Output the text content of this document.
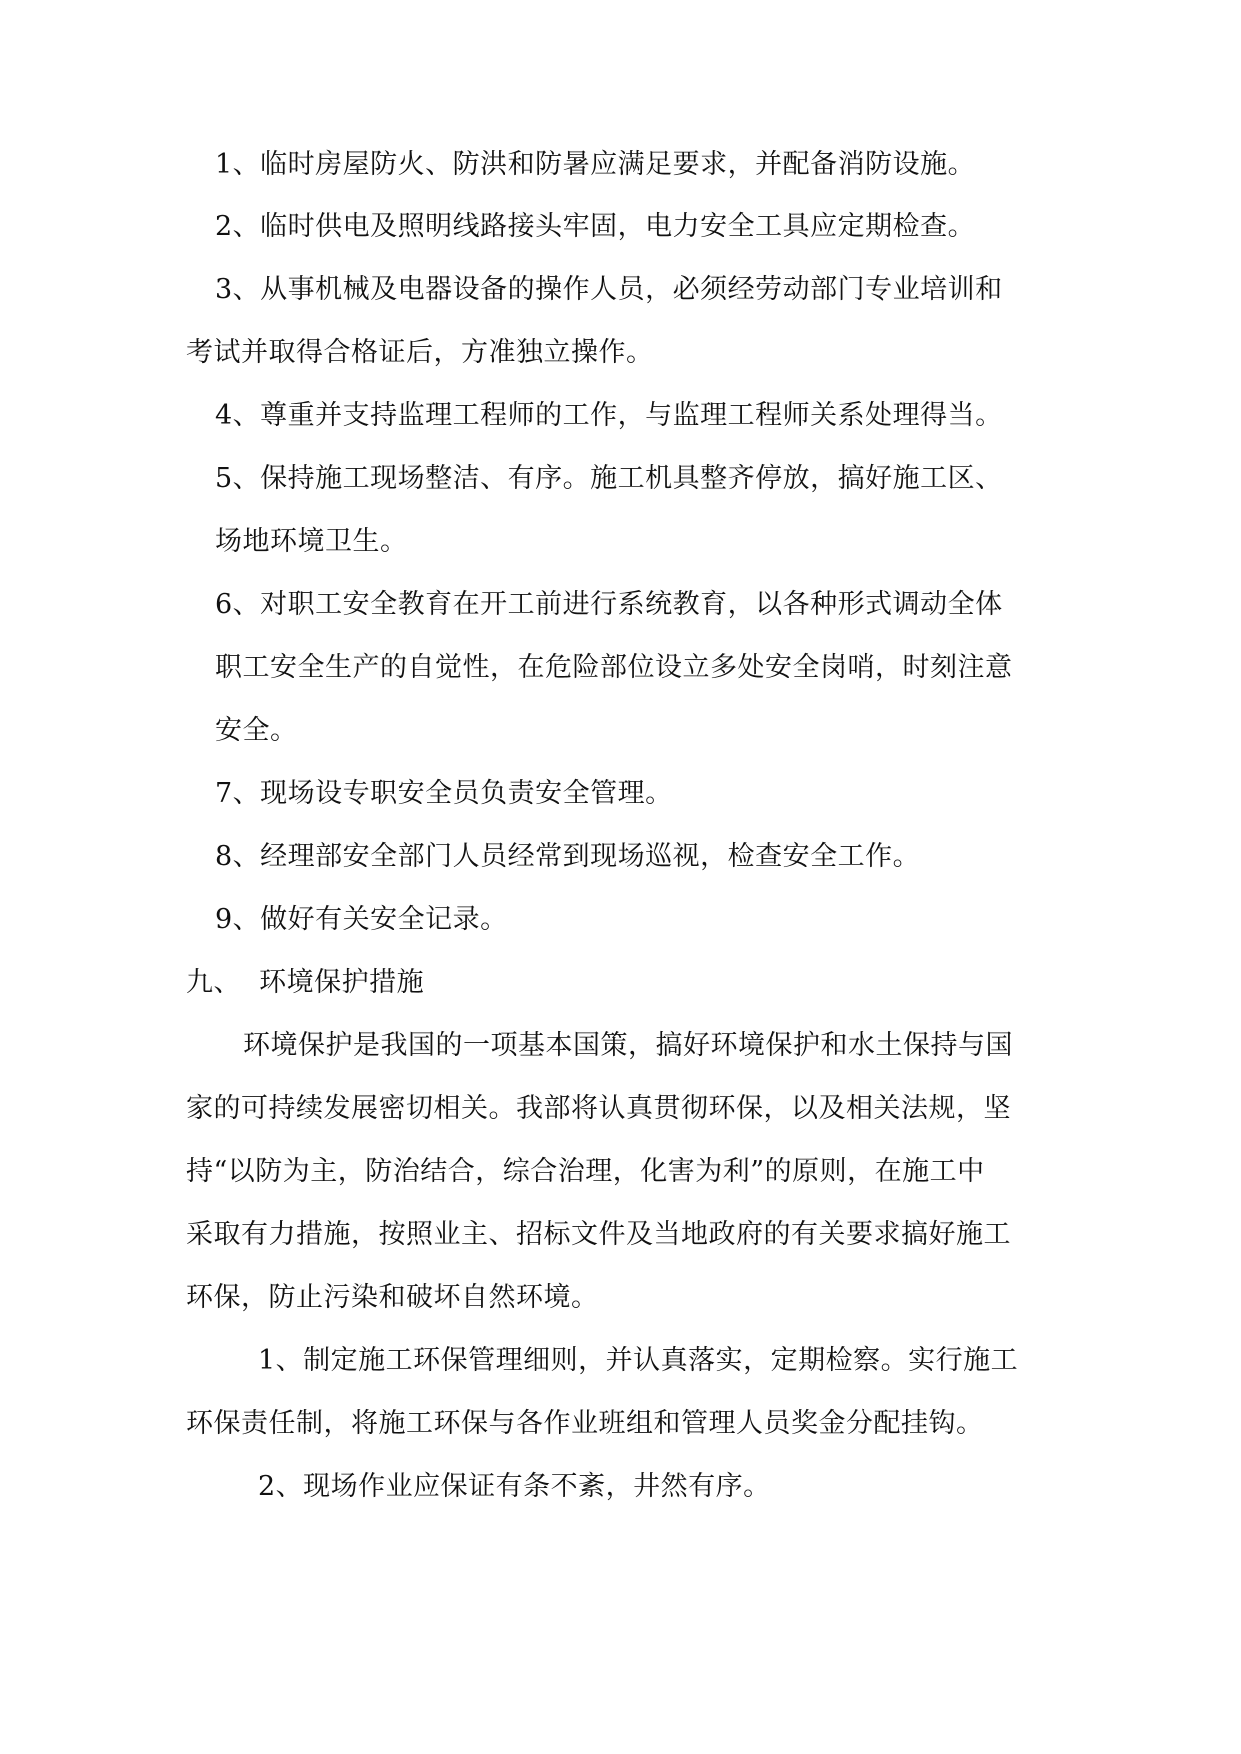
1、临时房屋防火、防洪和防暑应满足要求，并配备消防设施。

2、临时供电及照明线路接头牢固，电力安全工具应定期检查。

3、从事机械及电器设备的操作人员，必须经劳动部门专业培训和

考试并取得合格证后，方准独立操作。

4、尊重并支持监理工程师的工作，与监理工程师关系处理得当。

5、保持施工现场整洁、有序。施工机具整齐停放，搞好施工区、

场地环境卫生。

6、对职工安全教育在开工前进行系统教育，以各种形式调动全体

职工安全生产的自觉性，在危险部位设立多处安全岗哨，时刻注意

安全。

7、现场设专职安全员负责安全管理。

8、经理部安全部门人员经常到现场巡视，检查安全工作。

9、做好有关安全记录。

九、  环境保护措施

环境保护是我国的一项基本国策，搞好环境保护和水土保持与国

家的可持续发展密切相关。我部将认真贯彻环保，以及相关法规，坚

持“以防为主，防治结合，综合治理，化害为利”的原则，在施工中

采取有力措施，按照业主、招标文件及当地政府的有关要求搞好施工

环保，防止污染和破坏自然环境。

1、制定施工环保管理细则，并认真落实，定期检察。实行施工

环保责任制，将施工环保与各作业班组和管理人员奖金分配挂钩。

2、现场作业应保证有条不紊，井然有序。
